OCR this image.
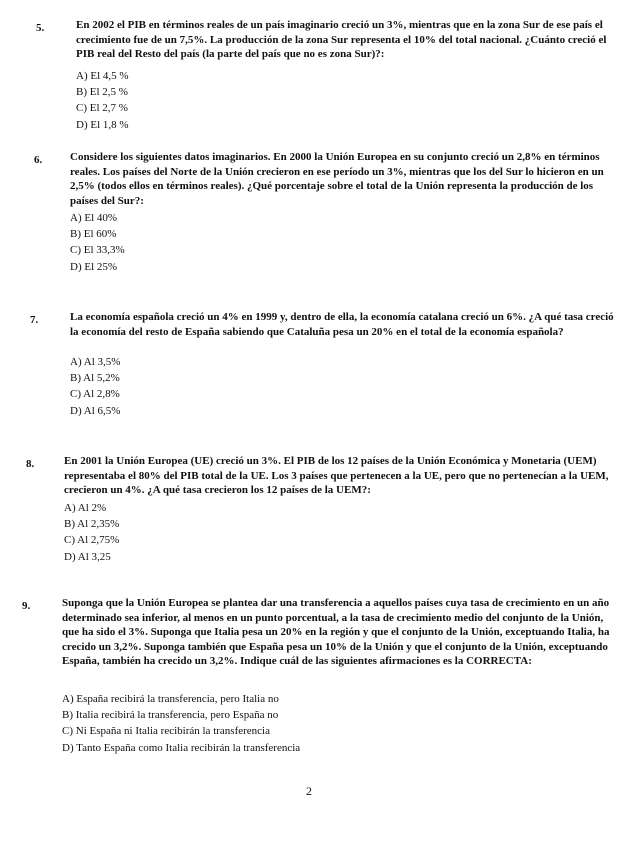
5.	En 2002 el PIB en términos reales de un país imaginario creció un 3%, mientras que en la zona Sur de ese país el crecimiento fue de un 7,5%. La producción de la zona Sur representa el 10% del total nacional. ¿Cuánto creció el PIB real del Resto del país (la parte del país que no es zona Sur)?:
A) El 4,5 %
B) El 2,5 %
C) El 2,7 %
D) El 1,8 %
6.	Considere los siguientes datos imaginarios. En 2000 la Unión Europea en su conjunto creció un 2,8% en términos reales. Los países del Norte de la Unión crecieron en ese período un 3%, mientras que los del Sur lo hicieron en un 2,5% (todos ellos en términos reales). ¿Qué porcentaje sobre el total de la Unión representa la producción de los países del Sur?:
A) El 40%
B) El 60%
C) El 33,3%
D) El 25%
7.	La economía española creció un 4% en 1999 y, dentro de ella, la economía catalana creció un 6%. ¿A qué tasa creció la economía del resto de España sabiendo que Cataluña pesa un 20% en el total de la economía española?
A) Al 3,5%
B) Al 5,2%
C) Al 2,8%
D) Al 6,5%
8.	En 2001 la Unión Europea (UE) creció un 3%. El PIB de los 12 países de la Unión Económica y Monetaria (UEM) representaba el 80% del PIB total de la UE. Los 3 países que pertenecen a la UE, pero que no pertenecían a la UEM, crecieron un 4%. ¿A qué tasa crecieron los 12 países de la UEM?:
A) Al 2%
B) Al 2,35%
C) Al 2,75%
D) Al 3,25
9.	Suponga que la Unión Europea se plantea dar una transferencia a aquellos países cuya tasa de crecimiento en un año determinado sea inferior, al menos en un punto porcentual, a la tasa de crecimiento medio del conjunto de la Unión, que ha sido el 3%. Suponga que Italia pesa un 20% en la región y que el conjunto de la Unión, exceptuando Italia, ha crecido un 3,2%. Suponga también que España pesa un 10% de la Unión y que el conjunto de la Unión, exceptuando España, también ha crecido un 3,2%. Indique cuál de las siguientes afirmaciones es la CORRECTA:
A) España recibirá la transferencia, pero Italia no
B) Italia recibirá la transferencia, pero España no
C) Ni España ni Italia recibirán la transferencia
D) Tanto España como Italia recibirán la transferencia
2
